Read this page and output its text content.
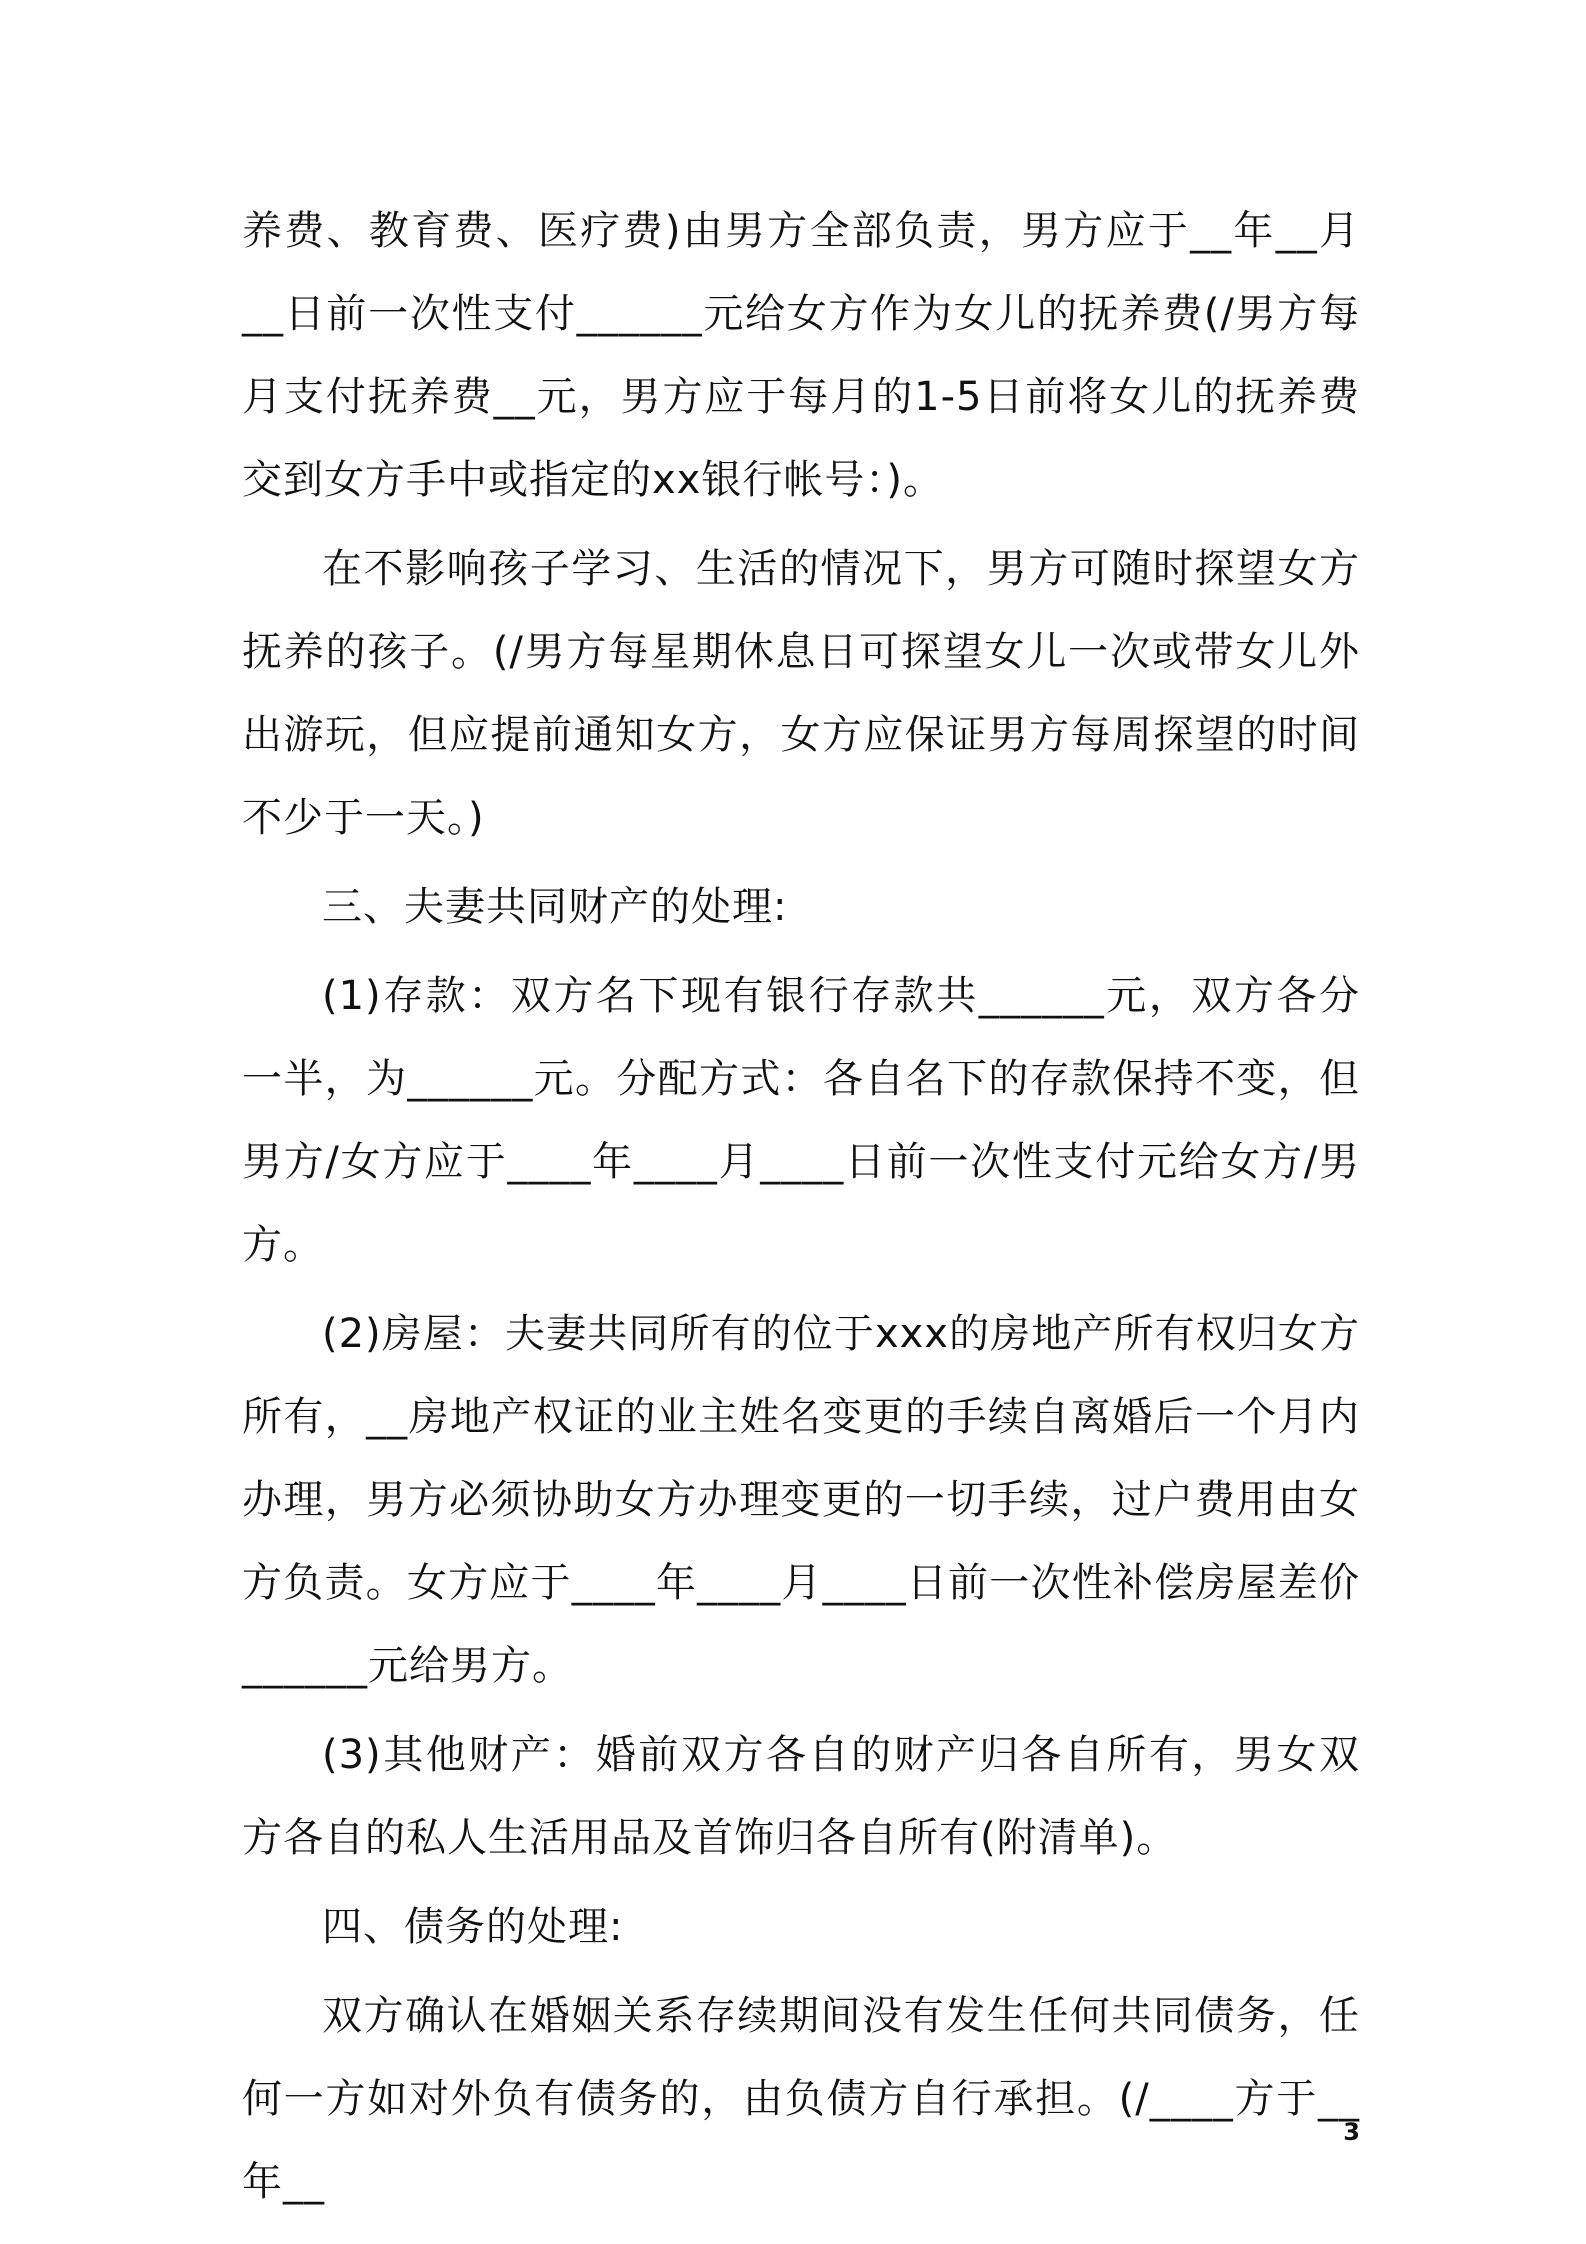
养费、教育费、医疗费)由男方全部负责，男方应于__年__月__日前一次性支付______元给女方作为女儿的抚养费(/男方每月支付抚养费__元，男方应于每月的1-5日前将女儿的抚养费交到女方手中或指定的xx银行帐号：)。

在不影响孩子学习、生活的情况下，男方可随时探望女方抚养的孩子。(/男方每星期休息日可探望女儿一次或带女儿外出游玩，但应提前通知女方，女方应保证男方每周探望的时间不少于一天。)

三、夫妻共同财产的处理:

(1)存款：双方名下现有银行存款共______元，双方各分一半，为______元。分配方式：各自名下的存款保持不变，但男方/女方应于____年____月____日前一次性支付元给女方/男方。

(2)房屋：夫妻共同所有的位于xxx的房地产所有权归女方所有，__房地产权证的业主姓名变更的手续自离婚后一个月内办理，男方必须协助女方办理变更的一切手续，过户费用由女方负责。女方应于____年____月____日前一次性补偿房屋差价______元给男方。

(3)其他财产：婚前双方各自的财产归各自所有，男女双方各自的私人生活用品及首饰归各自所有(附清单)。

四、债务的处理:

双方确认在婚姻关系存续期间没有发生任何共同债务，任何一方如对外负有债务的，由负债方自行承担。(/____方于__年__

3
